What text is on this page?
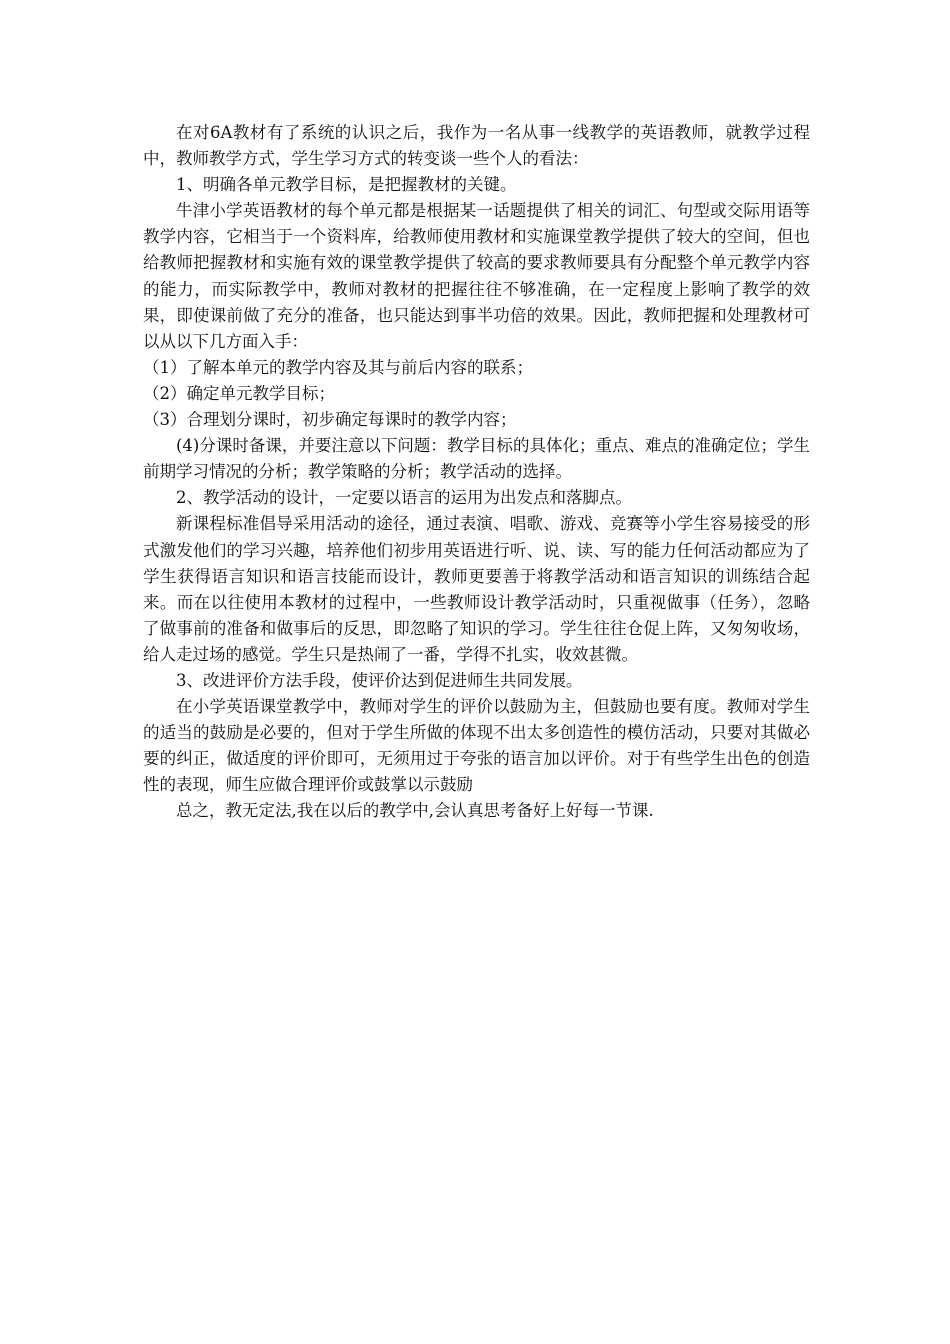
在对6A教材有了系统的认识之后，我作为一名从事一线教学的英语教师，就教学过程中，教师教学方式，学生学习方式的转变谈一些个人的看法：

1、明确各单元教学目标，是把握教材的关键。

牛津小学英语教材的每个单元都是根据某一话题提供了相关的词汇、句型或交际用语等教学内容，它相当于一个资料库，给教师使用教材和实施课堂教学提供了较大的空间，但也给教师把握教材和实施有效的课堂教学提供了较高的要求教师要具有分配整个单元教学内容的能力，而实际教学中，教师对教材的把握往往不够准确，在一定程度上影响了教学的效果，即使课前做了充分的准备，也只能达到事半功倍的效果。因此，教师把握和处理教材可以从以下几方面入手：

（1）了解本单元的教学内容及其与前后内容的联系；

（2）确定单元教学目标；

（3）合理划分课时，初步确定每课时的教学内容；

(4)分课时备课，并要注意以下问题：教学目标的具体化；重点、难点的准确定位；学生前期学习情况的分析；教学策略的分析；教学活动的选择。

2、教学活动的设计，一定要以语言的运用为出发点和落脚点。

新课程标准倡导采用活动的途径，通过表演、唱歌、游戏、竞赛等小学生容易接受的形式激发他们的学习兴趣，培养他们初步用英语进行听、说、读、写的能力任何活动都应为了学生获得语言知识和语言技能而设计，教师更要善于将教学活动和语言知识的训练结合起来。而在以往使用本教材的过程中，一些教师设计教学活动时，只重视做事（任务），忽略了做事前的准备和做事后的反思，即忽略了知识的学习。学生往往仓促上阵，又匆匆收场，给人走过场的感觉。学生只是热闹了一番，学得不扎实，收效甚微。

3、改进评价方法手段，使评价达到促进师生共同发展。

在小学英语课堂教学中，教师对学生的评价以鼓励为主，但鼓励也要有度。教师对学生的适当的鼓励是必要的，但对于学生所做的体现不出太多创造性的模仿活动，只要对其做必要的纠正，做适度的评价即可，无须用过于夸张的语言加以评价。对于有些学生出色的创造性的表现，师生应做合理评价或鼓掌以示鼓励

总之，教无定法,我在以后的教学中,会认真思考备好上好每一节课.
